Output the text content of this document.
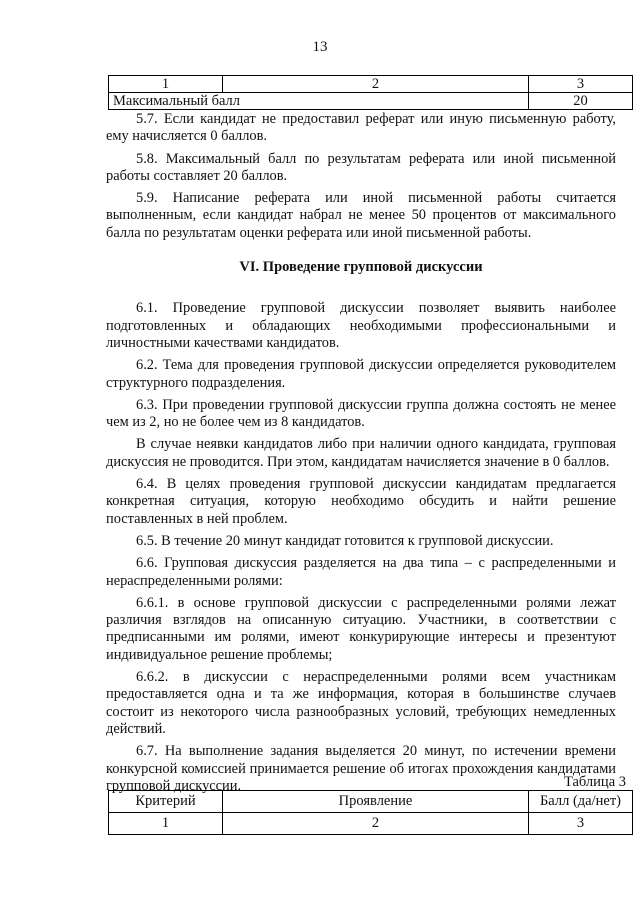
13
1	2	3
Максимальный балл		20

5.7. Если кандидат не предоставил реферат или иную письменную работу, ему начисляется 0 баллов.

5.8. Максимальный балл по результатам реферата или иной письменной работы составляет 20 баллов.

5.9. Написание реферата или иной письменной работы считается выполненным, если кандидат набрал не менее 50 процентов от максимального балла по результатам оценки реферата или иной письменной работы.

VI. Проведение групповой дискуссии

6.1. Проведение групповой дискуссии позволяет выявить наиболее подготовленных и обладающих необходимыми профессиональными и личностными качествами кандидатов.

6.2. Тема для проведения групповой дискуссии определяется руководителем структурного подразделения.

6.3. При проведении групповой дискуссии группа должна состоять не менее чем из 2, но не более чем из 8 кандидатов.

В случае неявки кандидатов либо при наличии одного кандидата, групповая дискуссия не проводится. При этом, кандидатам начисляется значение в 0 баллов.

6.4. В целях проведения групповой дискуссии кандидатам предлагается конкретная ситуация, которую необходимо обсудить и найти решение поставленных в ней проблем.

6.5. В течение 20 минут кандидат готовится к групповой дискуссии.

6.6. Групповая дискуссия разделяется на два типа – с распределенными и нераспределенными ролями:

6.6.1. в основе групповой дискуссии с распределенными ролями лежат различия взглядов на описанную ситуацию. Участники, в соответствии с предписанными им ролями, имеют конкурирующие интересы и презентуют индивидуальное решение проблемы;

6.6.2. в дискуссии с нераспределенными ролями всем участникам предоставляется одна и та же информация, которая в большинстве случаев состоит из некоторого числа разнообразных условий, требующих немедленных действий.

6.7. На выполнение задания выделяется 20 минут, по истечении времени конкурсной комиссией принимается решение об итогах прохождения кандидатами групповой дискуссии.	Таблица 3
Критерий	Проявление	Балл (да/нет)
1	2	3
